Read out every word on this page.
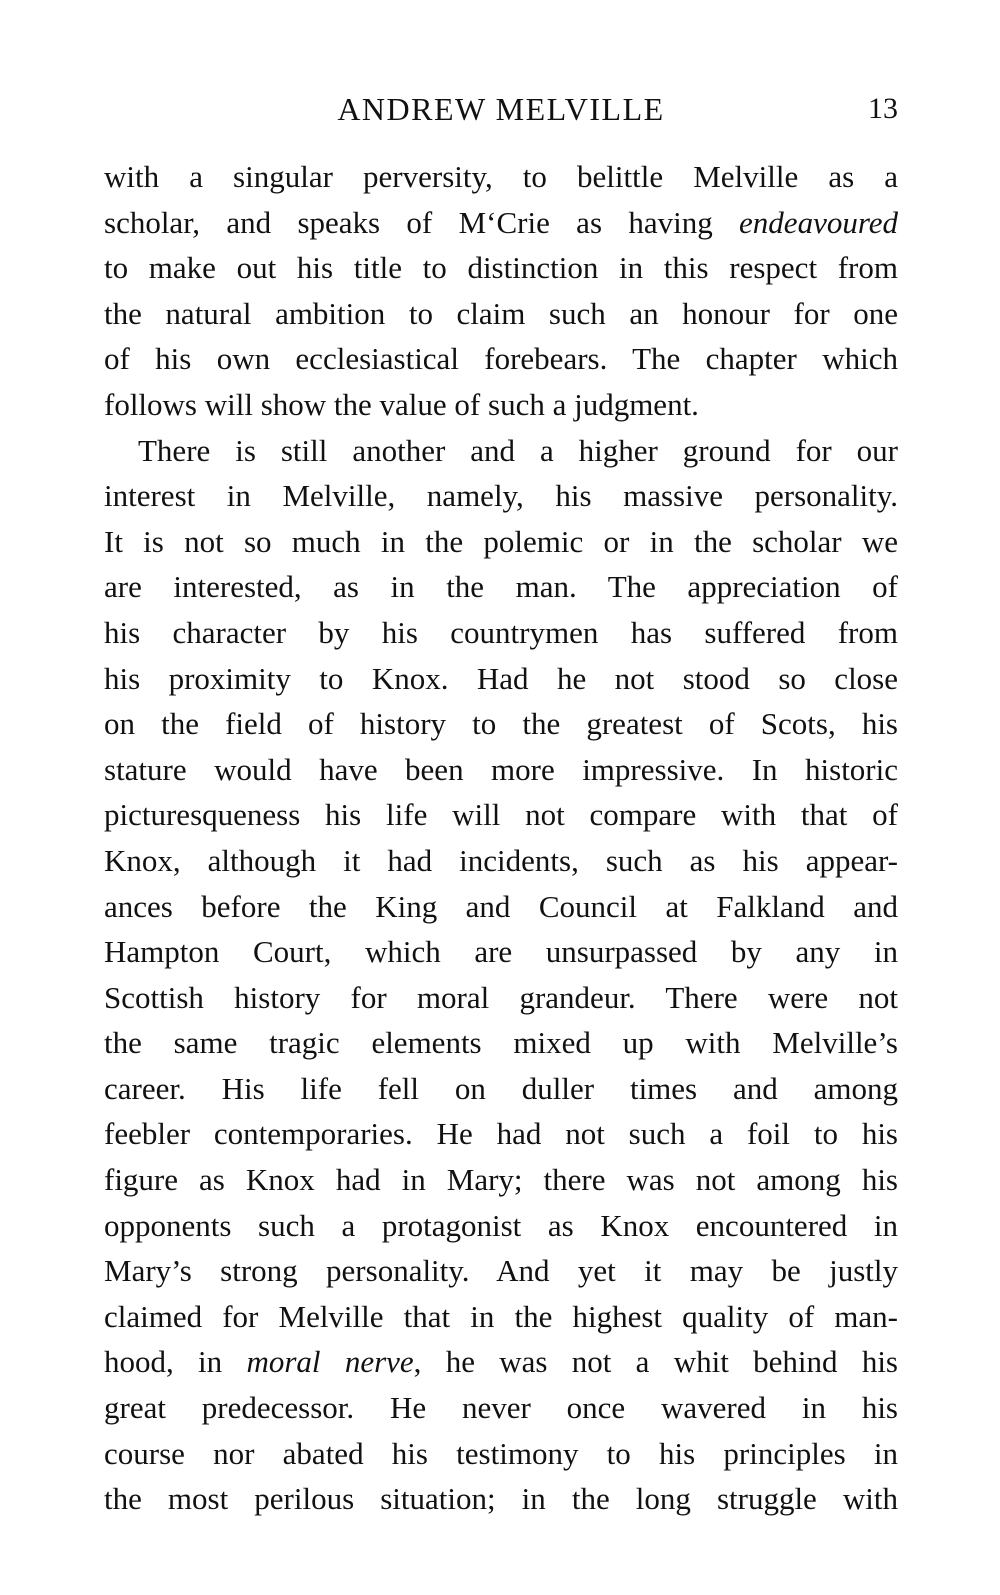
ANDREW MELVILLE	13
with a singular perversity, to belittle Melville as a
scholar, and speaks of M‘Crie as having endeavoured
to make out his title to distinction in this respect from
the natural ambition to claim such an honour for one
of his own ecclesiastical forebears. The chapter which
follows will show the value of such a judgment.
There is still another and a higher ground for our
interest in Melville, namely, his massive personality.
It is not so much in the polemic or in the scholar we
are interested, as in the man. The appreciation of
his character by his countrymen has suffered from
his proximity to Knox. Had he not stood so close
on the field of history to the greatest of Scots, his
stature would have been more impressive. In historic
picturesqueness his life will not compare with that of
Knox, although it had incidents, such as his appear-
ances before the King and Council at Falkland and
Hampton Court, which are unsurpassed by any in
Scottish history for moral grandeur. There were not
the same tragic elements mixed up with Melville’s
career. His life fell on duller times and among
feebler contemporaries. He had not such a foil to his
figure as Knox had in Mary; there was not among his
opponents such a protagonist as Knox encountered in
Mary’s strong personality. And yet it may be justly
claimed for Melville that in the highest quality of man-
hood, in moral nerve, he was not a whit behind his
great predecessor. He never once wavered in his
course nor abated his testimony to his principles in
the most perilous situation; in the long struggle with
